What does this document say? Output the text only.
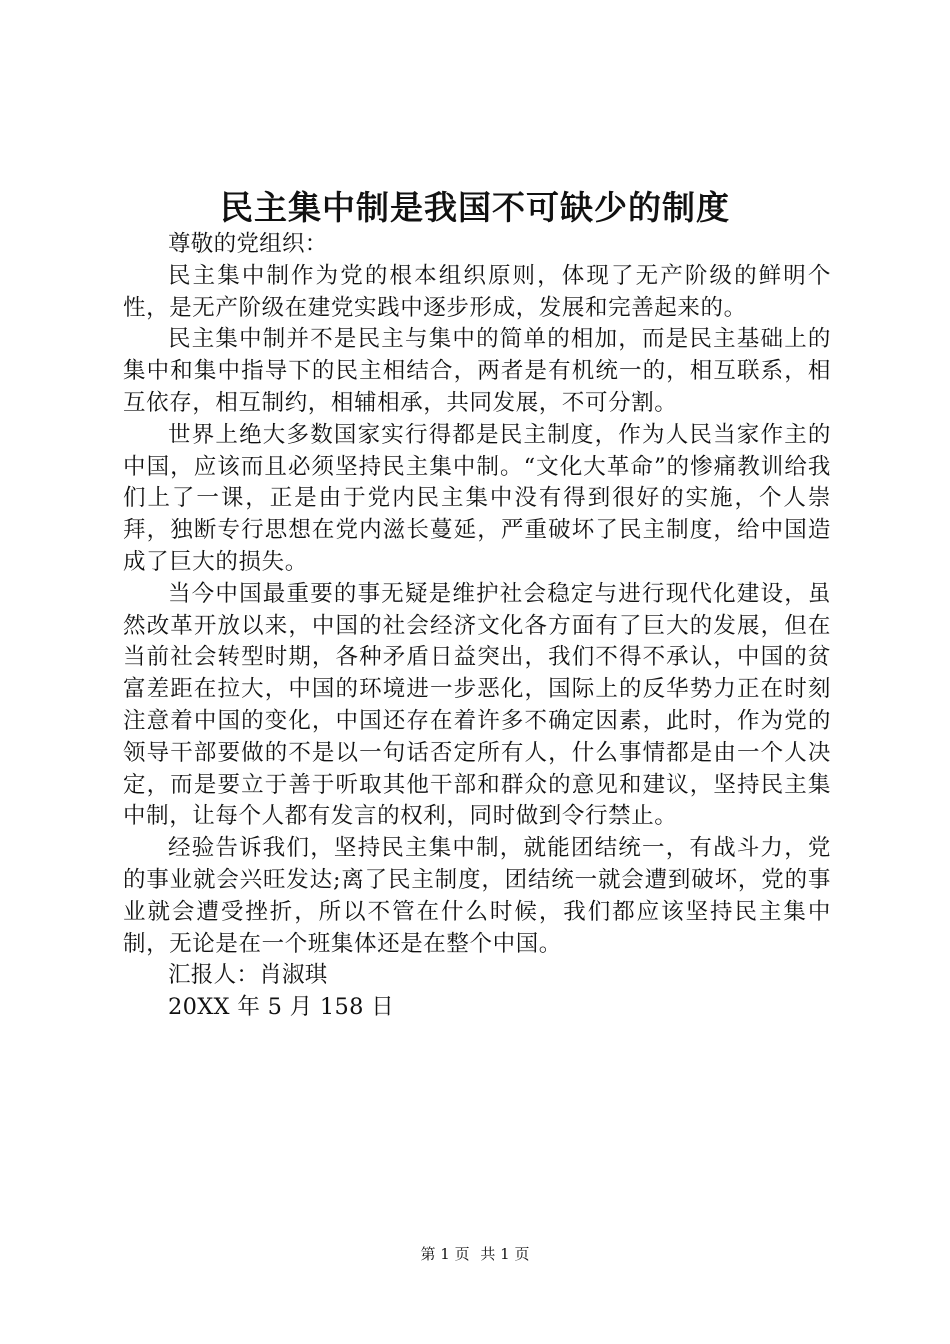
民主集中制是我国不可缺少的制度

尊敬的党组织：

民主集中制作为党的根本组织原则，体现了无产阶级的鲜明个性，是无产阶级在建党实践中逐步形成，发展和完善起来的。

民主集中制并不是民主与集中的简单的相加，而是民主基础上的集中和集中指导下的民主相结合，两者是有机统一的，相互联系，相互依存，相互制约，相辅相承，共同发展，不可分割。

世界上绝大多数国家实行得都是民主制度，作为人民当家作主的中国，应该而且必须坚持民主集中制。“文化大革命”的惨痛教训给我们上了一课，正是由于党内民主集中没有得到很好的实施，个人崇拜，独断专行思想在党内滋长蔓延，严重破坏了民主制度，给中国造成了巨大的损失。

当今中国最重要的事无疑是维护社会稳定与进行现代化建设，虽然改革开放以来，中国的社会经济文化各方面有了巨大的发展，但在当前社会转型时期，各种矛盾日益突出，我们不得不承认，中国的贫富差距在拉大，中国的环境进一步恶化，国际上的反华势力正在时刻注意着中国的变化，中国还存在着许多不确定因素，此时，作为党的领导干部要做的不是以一句话否定所有人，什么事情都是由一个人决定，而是要立于善于听取其他干部和群众的意见和建议，坚持民主集中制，让每个人都有发言的权利，同时做到令行禁止。

经验告诉我们，坚持民主集中制，就能团结统一，有战斗力，党的事业就会兴旺发达;离了民主制度，团结统一就会遭到破坏，党的事业就会遭受挫折，所以不管在什么时候，我们都应该坚持民主集中制，无论是在一个班集体还是在整个中国。

汇报人：肖淑琪

20XX 年 5 月 158 日

第 1 页 共 1 页
